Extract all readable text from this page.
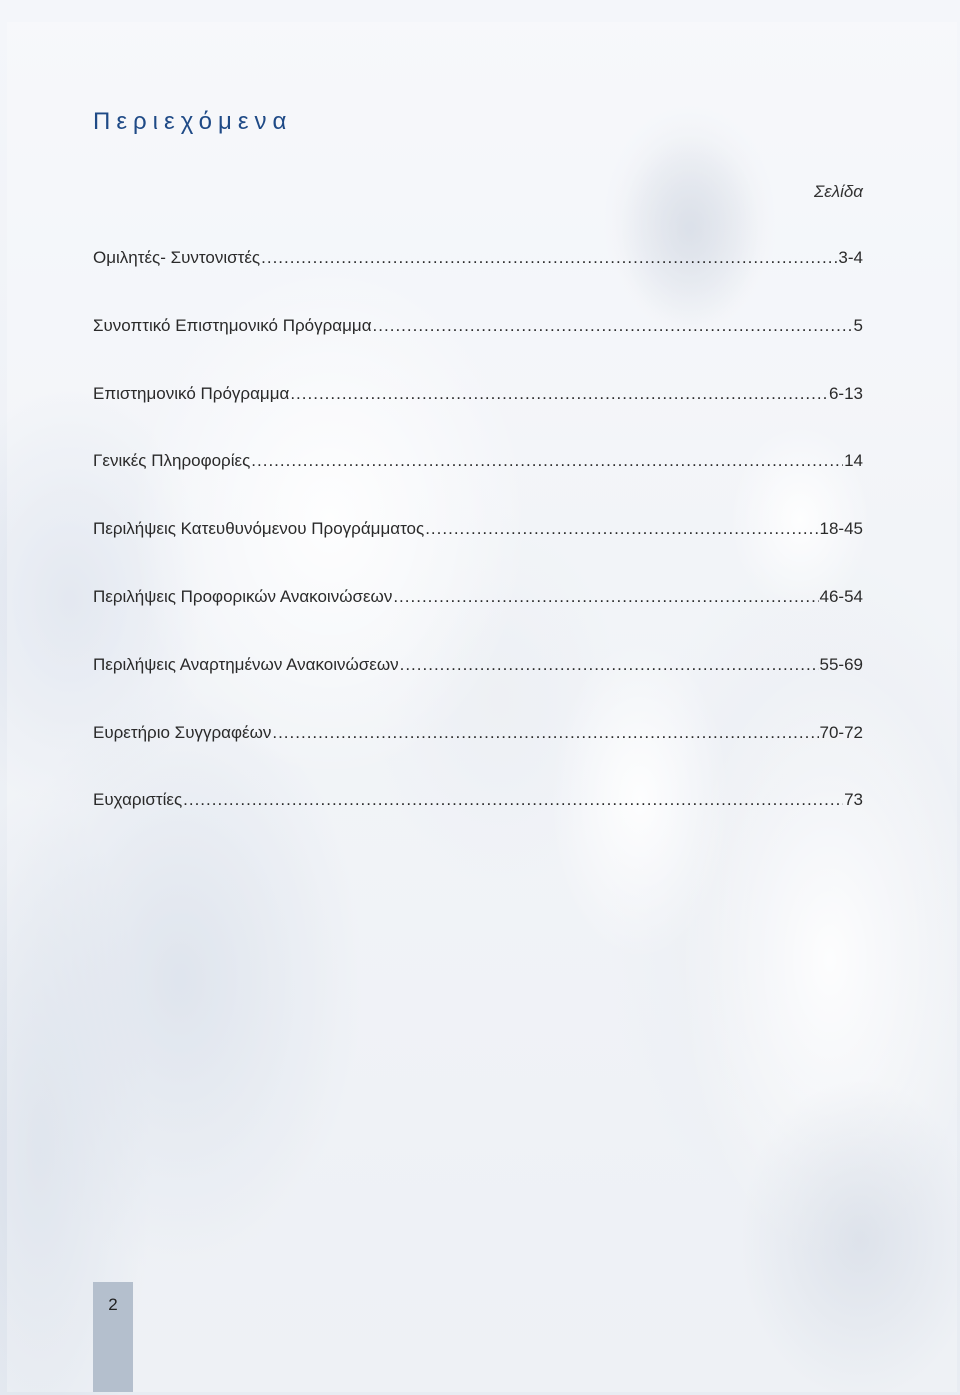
Περιεχόμενα
Σελίδα
Ομιλητές- Συντονιστές .....	3-4
Συνοπτικό Επιστημονικό Πρόγραμμα .....	5
Επιστημονικό Πρόγραμμα .....	6-13
Γενικές Πληροφορίες .....	14
Περιλήψεις Κατευθυνόμενου Προγράμματος .....	18-45
Περιλήψεις Προφορικών Ανακοινώσεων .....	46-54
Περιλήψεις Αναρτημένων Ανακοινώσεων .....	55-69
Ευρετήριο Συγγραφέων .....	70-72
Ευχαριστίες .....	73
2
